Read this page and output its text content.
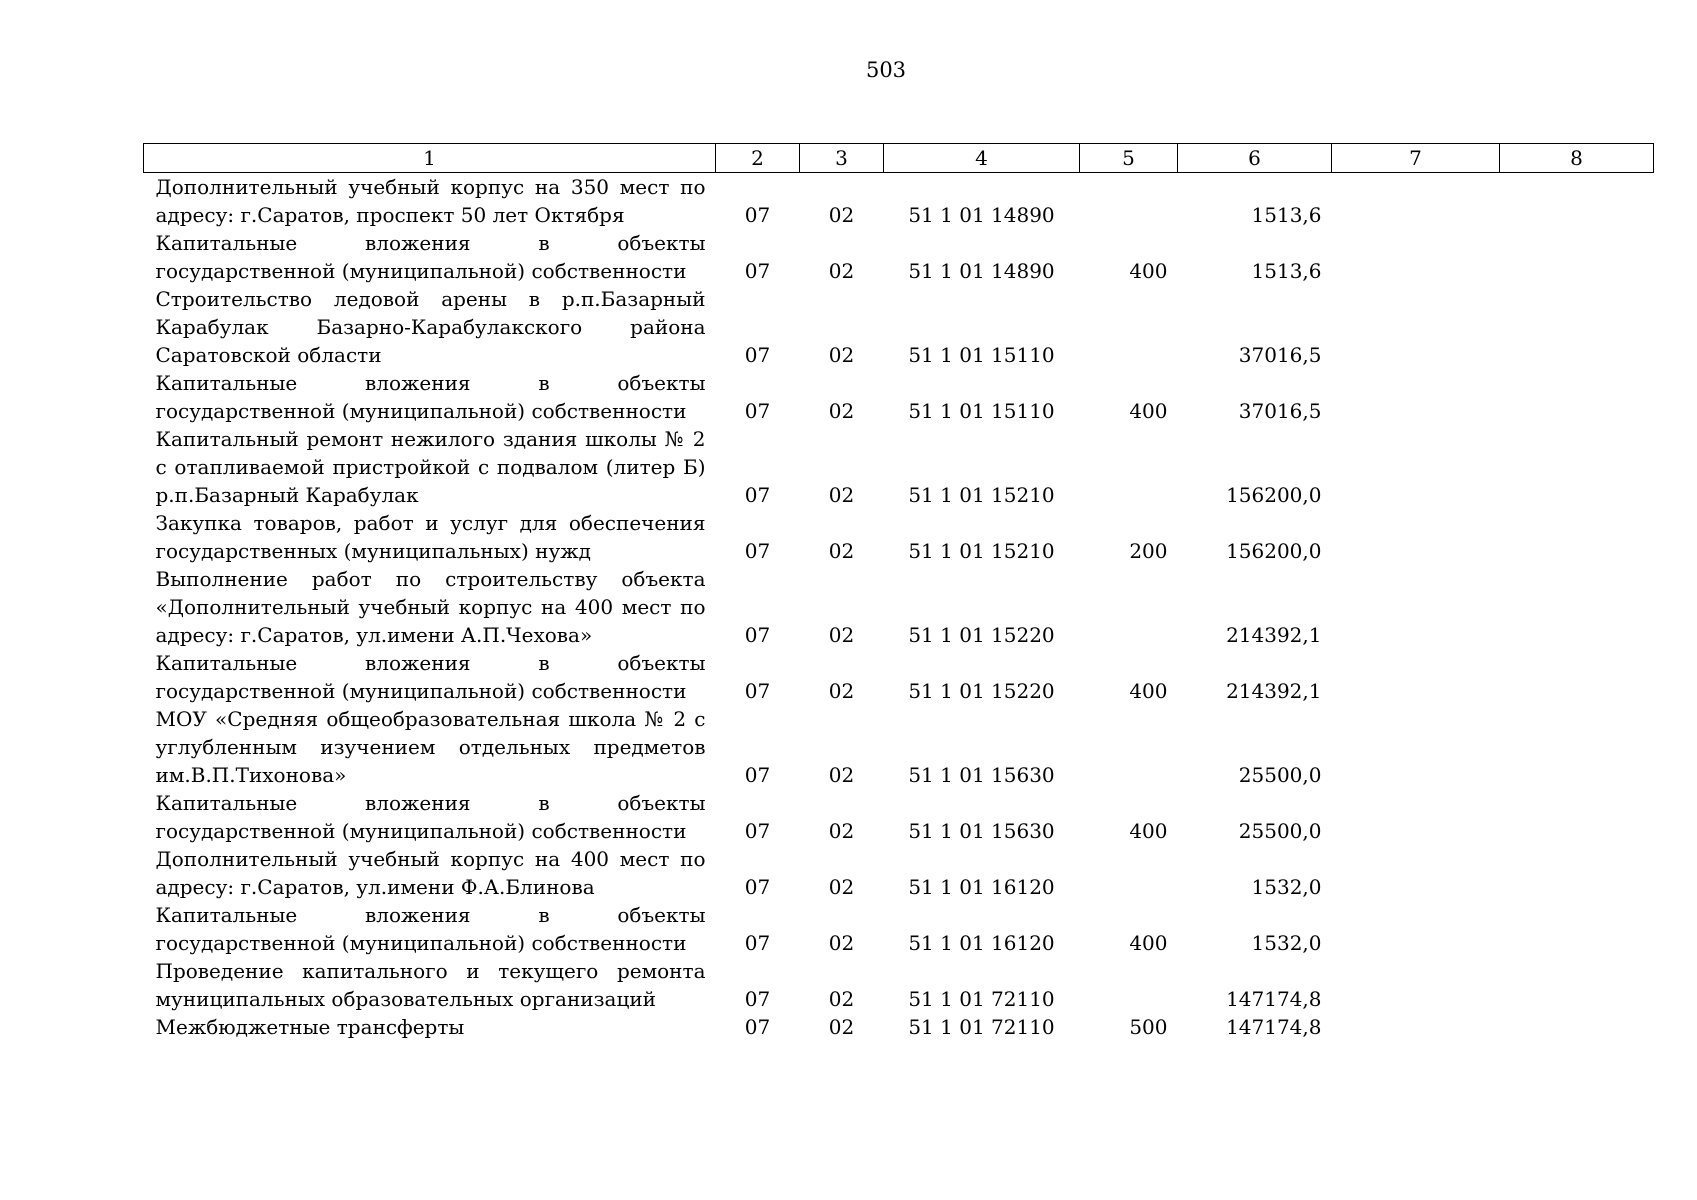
503
1	2	3	4	5	6	7	8
Дополнительный учебный корпус на 350 мест по адресу: г.Саратов, проспект 50 лет Октября	07	02	51 1 01 14890		1513,6		
Капитальные вложения в объекты государственной (муниципальной) собственности	07	02	51 1 01 14890	400	1513,6		
Строительство ледовой арены в р.п.Базарный Карабулак Базарно-Карабулакского района Саратовской области	07	02	51 1 01 15110		37016,5		
Капитальные вложения в объекты государственной (муниципальной) собственности	07	02	51 1 01 15110	400	37016,5		
Капитальный ремонт нежилого здания школы № 2 с отапливаемой пристройкой с подвалом (литер Б) р.п.Базарный Карабулак	07	02	51 1 01 15210		156200,0		
Закупка товаров, работ и услуг для обеспечения государственных (муниципальных) нужд	07	02	51 1 01 15210	200	156200,0		
Выполнение работ по строительству объекта «Дополнительный учебный корпус на 400 мест по адресу: г.Саратов, ул.имени А.П.Чехова»	07	02	51 1 01 15220		214392,1		
Капитальные вложения в объекты государственной (муниципальной) собственности	07	02	51 1 01 15220	400	214392,1		
МОУ «Средняя общеобразовательная школа № 2 с углубленным изучением отдельных предметов им.В.П.Тихонова»	07	02	51 1 01 15630		25500,0		
Капитальные вложения в объекты государственной (муниципальной) собственности	07	02	51 1 01 15630	400	25500,0		
Дополнительный учебный корпус на 400 мест по адресу: г.Саратов, ул.имени Ф.А.Блинова	07	02	51 1 01 16120		1532,0		
Капитальные вложения в объекты государственной (муниципальной) собственности	07	02	51 1 01 16120	400	1532,0		
Проведение капитального и текущего ремонта муниципальных образовательных организаций	07	02	51 1 01 72110		147174,8		
Межбюджетные трансферты	07	02	51 1 01 72110	500	147174,8		
